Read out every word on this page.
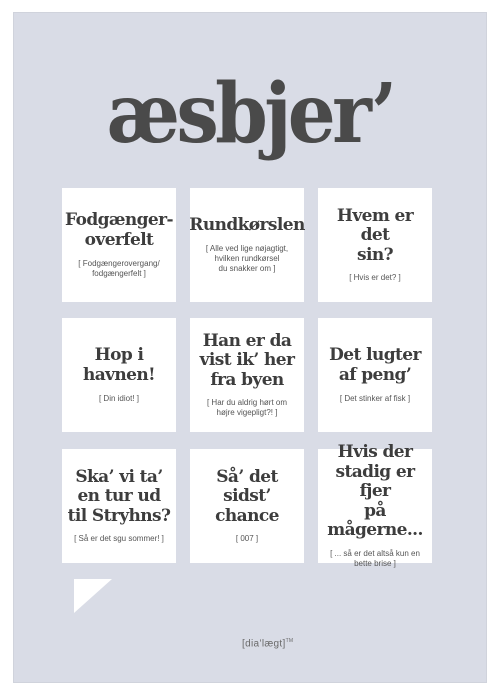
æsbjer’
Fodgænger-
overfelt
[ Fodgængerovergang/
fodgængerfelt ]
Rundkørslen
[ Alle ved lige nøjagtigt,
hvilken rundkørsel
du snakker om ]
Hvem er det
sin?
[ Hvis er det? ]
Hop i
havnen!
[ Din idiot! ]
Han er da
vist ik’ her
fra byen
[ Har du aldrig hørt om
højre vigepligt?! ]
Det lugter
af peng’
[ Det stinker af fisk ]
Ska’ vi ta’
en tur ud
til Stryhns?
[ Så er det sgu sommer! ]
Så’ det
sidst’ chance
[ 007 ]
Hvis der
stadig er fjer
på mågerne...
[ ... så er det altså kun en
bette brise ]
[dia’lægt]™
